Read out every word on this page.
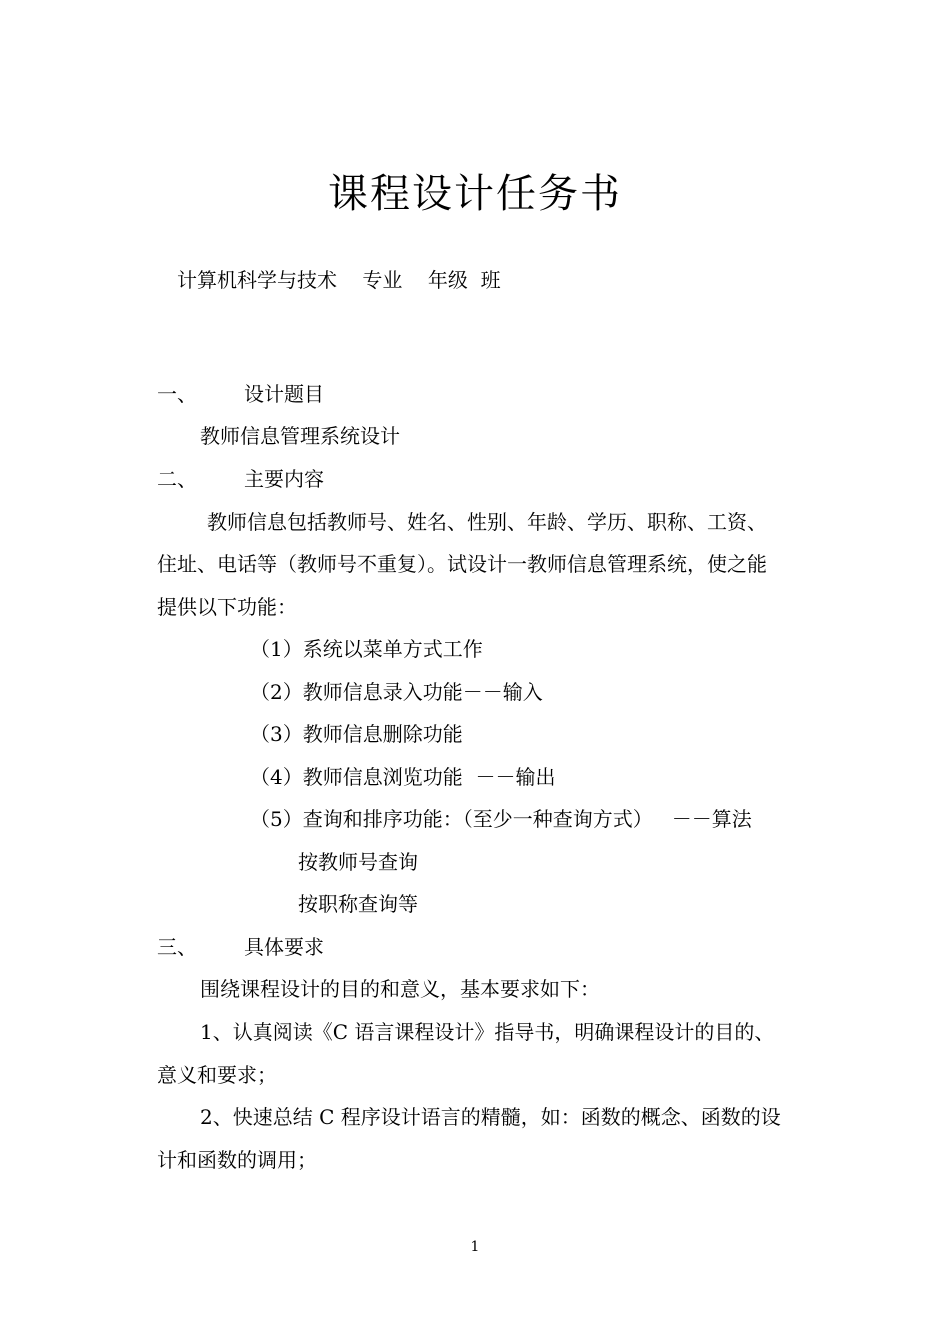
课程设计任务书
计算机科学与技术    专业    年级  班
一、 设计题目
教师信息管理系统设计
二、 主要内容
教师信息包括教师号、姓名、性别、年龄、学历、职称、工资、
住址、电话等（教师号不重复）。试设计一教师信息管理系统，使之能
提供以下功能：
（1）系统以菜单方式工作
（2）教师信息录入功能－－输入
（3）教师信息删除功能
（4）教师信息浏览功能  －－输出
（5）查询和排序功能：（至少一种查询方式）   －－算法
按教师号查询
按职称查询等
三、 具体要求
围绕课程设计的目的和意义，基本要求如下：
1、认真阅读《C 语言课程设计》指导书，明确课程设计的目的、
意义和要求；
2、快速总结 C 程序设计语言的精髓，如：函数的概念、函数的设
计和函数的调用；
1
